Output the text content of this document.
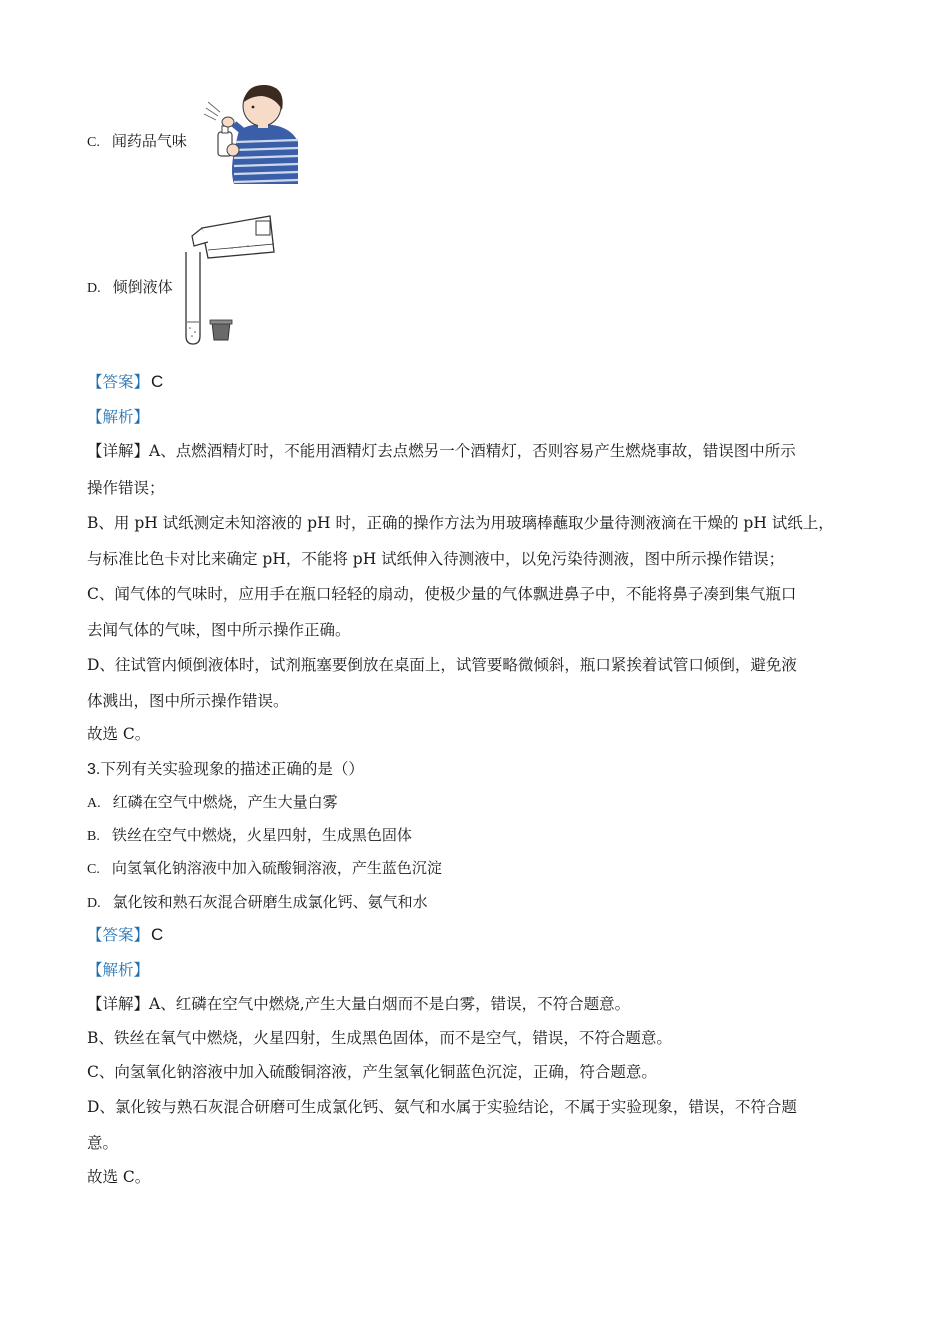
C. 闻药品气味
D. 倾倒液体
【答案】 C
【解析】
【详解】A、点燃酒精灯时，不能用酒精灯去点燃另一个酒精灯，否则容易产生燃烧事故，错误图中所示
操作错误；
B、用 pH 试纸测定未知溶液的 pH 时，正确的操作方法为用玻璃棒蘸取少量待测液滴在干燥的 pH 试纸上，
与标准比色卡对比来确定 pH，不能将 pH 试纸伸入待测液中，以免污染待测液，图中所示操作错误；
C、闻气体的气味时，应用手在瓶口轻轻的扇动，使极少量的气体飘进鼻子中，不能将鼻子凑到集气瓶口
去闻气体的气味，图中所示操作正确。
D、往试管内倾倒液体时，试剂瓶塞要倒放在桌面上，试管要略微倾斜，瓶口紧挨着试管口倾倒，避免液
体溅出，图中所示操作错误。
故选 C。
3.下列有关实验现象的描述正确的是（）
A. 红磷在空气中燃烧，产生大量白雾
B. 铁丝在空气中燃烧，火星四射，生成黑色固体
C. 向氢氧化钠溶液中加入硫酸铜溶液，产生蓝色沉淀
D. 氯化铵和熟石灰混合研磨生成氯化钙、氨气和水
【答案】 C
【解析】
【详解】A、红磷在空气中燃烧,产生大量白烟而不是白雾，错误，不符合题意。
B、铁丝在氧气中燃烧，火星四射，生成黑色固体，而不是空气，错误，不符合题意。
C、向氢氧化钠溶液中加入硫酸铜溶液，产生氢氧化铜蓝色沉淀，正确，符合题意。
D、氯化铵与熟石灰混合研磨可生成氯化钙、氨气和水属于实验结论，不属于实验现象，错误，不符合题
意。
故选 C。
